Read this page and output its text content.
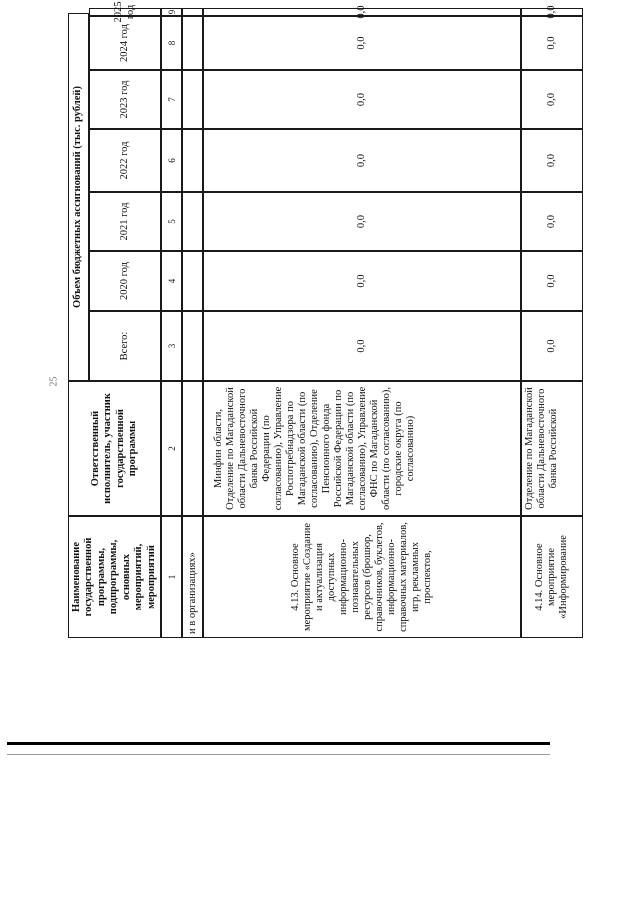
25
Наименование государственной программы, подпрограммы, основных мероприятий, мероприятий
Ответственный исполнитель, участник государственной программы
Объем бюджетных ассигнований (тыс. рублей)
Всего:
2020 год
2021 год
2022 год
2023 год
2024 год
2025 год
1
2
3
4
5
6
7
8
9
и в организациях»	4.13. Основное мероприятие «Создание и актуализация доступных информационно-познавательных ресурсов (брошюр, справочников, буклетов, информационно-справочных материалов, игр, рекламных проспектов,
Минфин области, Отделение по Магаданской области Дальневосточного банка Российской Федерации (по согласованию), Управление Роспотребнадзора по Магаданской области (по согласованию), Отделение Пенсионного фонда Российской Федерации по Магаданской области (по согласованию), Управление ФНС по Магаданской области (по согласованию), городские округа (по согласованию)
0,0
0,0
0,0
0,0
0,0
0,0
0,0
4.14. Основное мероприятие «Информирование
Отделение по Магаданской области Дальневосточного банка Российской
0,0
0,0
0,0
0,0
0,0
0,0
0,0
